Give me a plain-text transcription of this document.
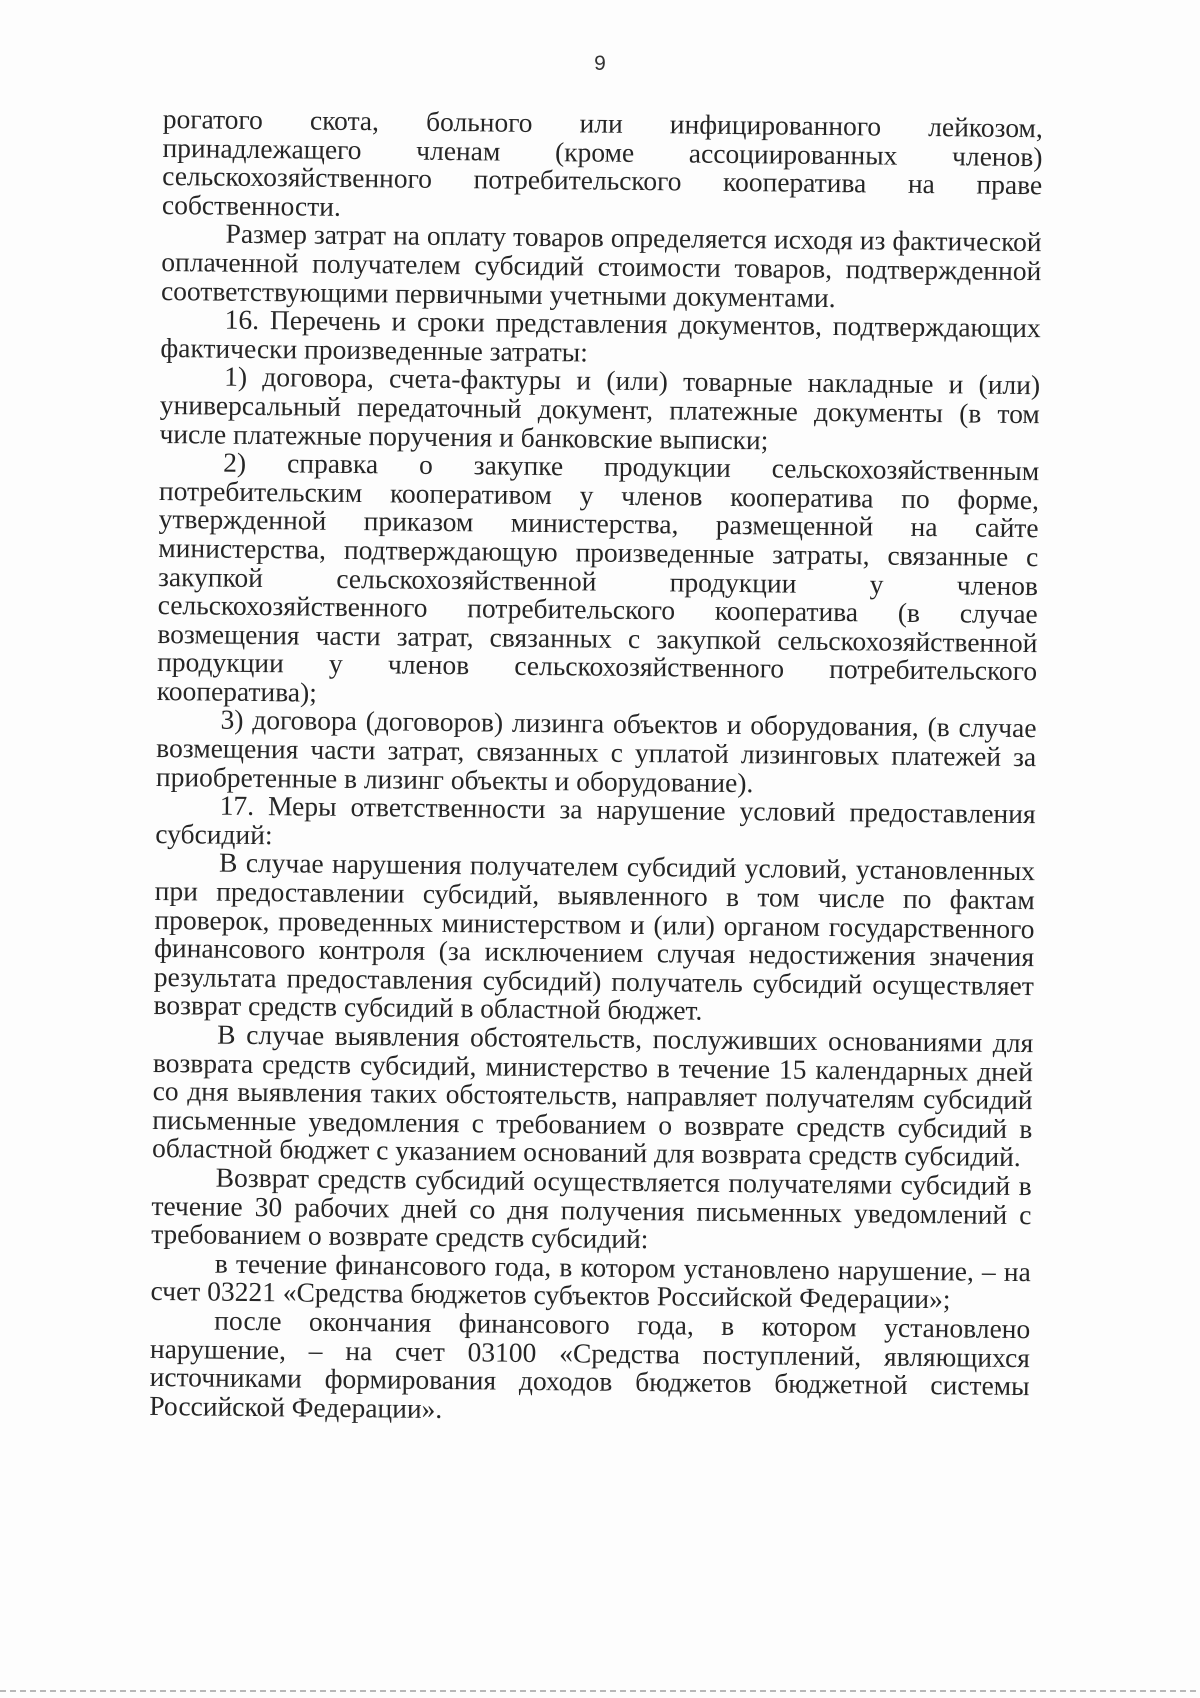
9

рогатого скота, больного или инфицированного лейкозом, принадлежащего членам (кроме ассоциированных членов) сельскохозяйственного потребительского кооператива на праве собственности.

Размер затрат на оплату товаров определяется исходя из фактической оплаченной получателем субсидий стоимости товаров, подтвержденной соответствующими первичными учетными документами.

16. Перечень и сроки представления документов, подтверждающих фактически произведенные затраты:

1) договора, счета-фактуры и (или) товарные накладные и (или) универсальный передаточный документ, платежные документы (в том числе платежные поручения и банковские выписки;

2) справка о закупке продукции сельскохозяйственным потребительским кооперативом у членов кооператива по форме, утвержденной приказом министерства, размещенной на сайте министерства, подтверждающую произведенные затраты, связанные с закупкой сельскохозяйственной продукции у членов сельскохозяйственного потребительского кооператива (в случае возмещения части затрат, связанных с закупкой сельскохозяйственной продукции у членов сельскохозяйственного потребительского кооператива);

3) договора (договоров) лизинга объектов и оборудования, (в случае возмещения части затрат, связанных с уплатой лизинговых платежей за приобретенные в лизинг объекты и оборудование).

17. Меры ответственности за нарушение условий предоставления субсидий:

В случае нарушения получателем субсидий условий, установленных при предоставлении субсидий, выявленного в том числе по фактам проверок, проведенных министерством и (или) органом государственного финансового контроля (за исключением случая недостижения значения результата предоставления субсидий) получатель субсидий осуществляет возврат средств субсидий в областной бюджет.

В случае выявления обстоятельств, послуживших основаниями для возврата средств субсидий, министерство в течение 15 календарных дней со дня выявления таких обстоятельств, направляет получателям субсидий письменные уведомления с требованием о возврате средств субсидий в областной бюджет с указанием оснований для возврата средств субсидий.

Возврат средств субсидий осуществляется получателями субсидий в течение 30 рабочих дней со дня получения письменных уведомлений с требованием о возврате средств субсидий:

в течение финансового года, в котором установлено нарушение, – на счет 03221 «Средства бюджетов субъектов Российской Федерации»;

после окончания финансового года, в котором установлено нарушение, – на счет 03100 «Средства поступлений, являющихся источниками формирования доходов бюджетов бюджетной системы Российской Федерации».
